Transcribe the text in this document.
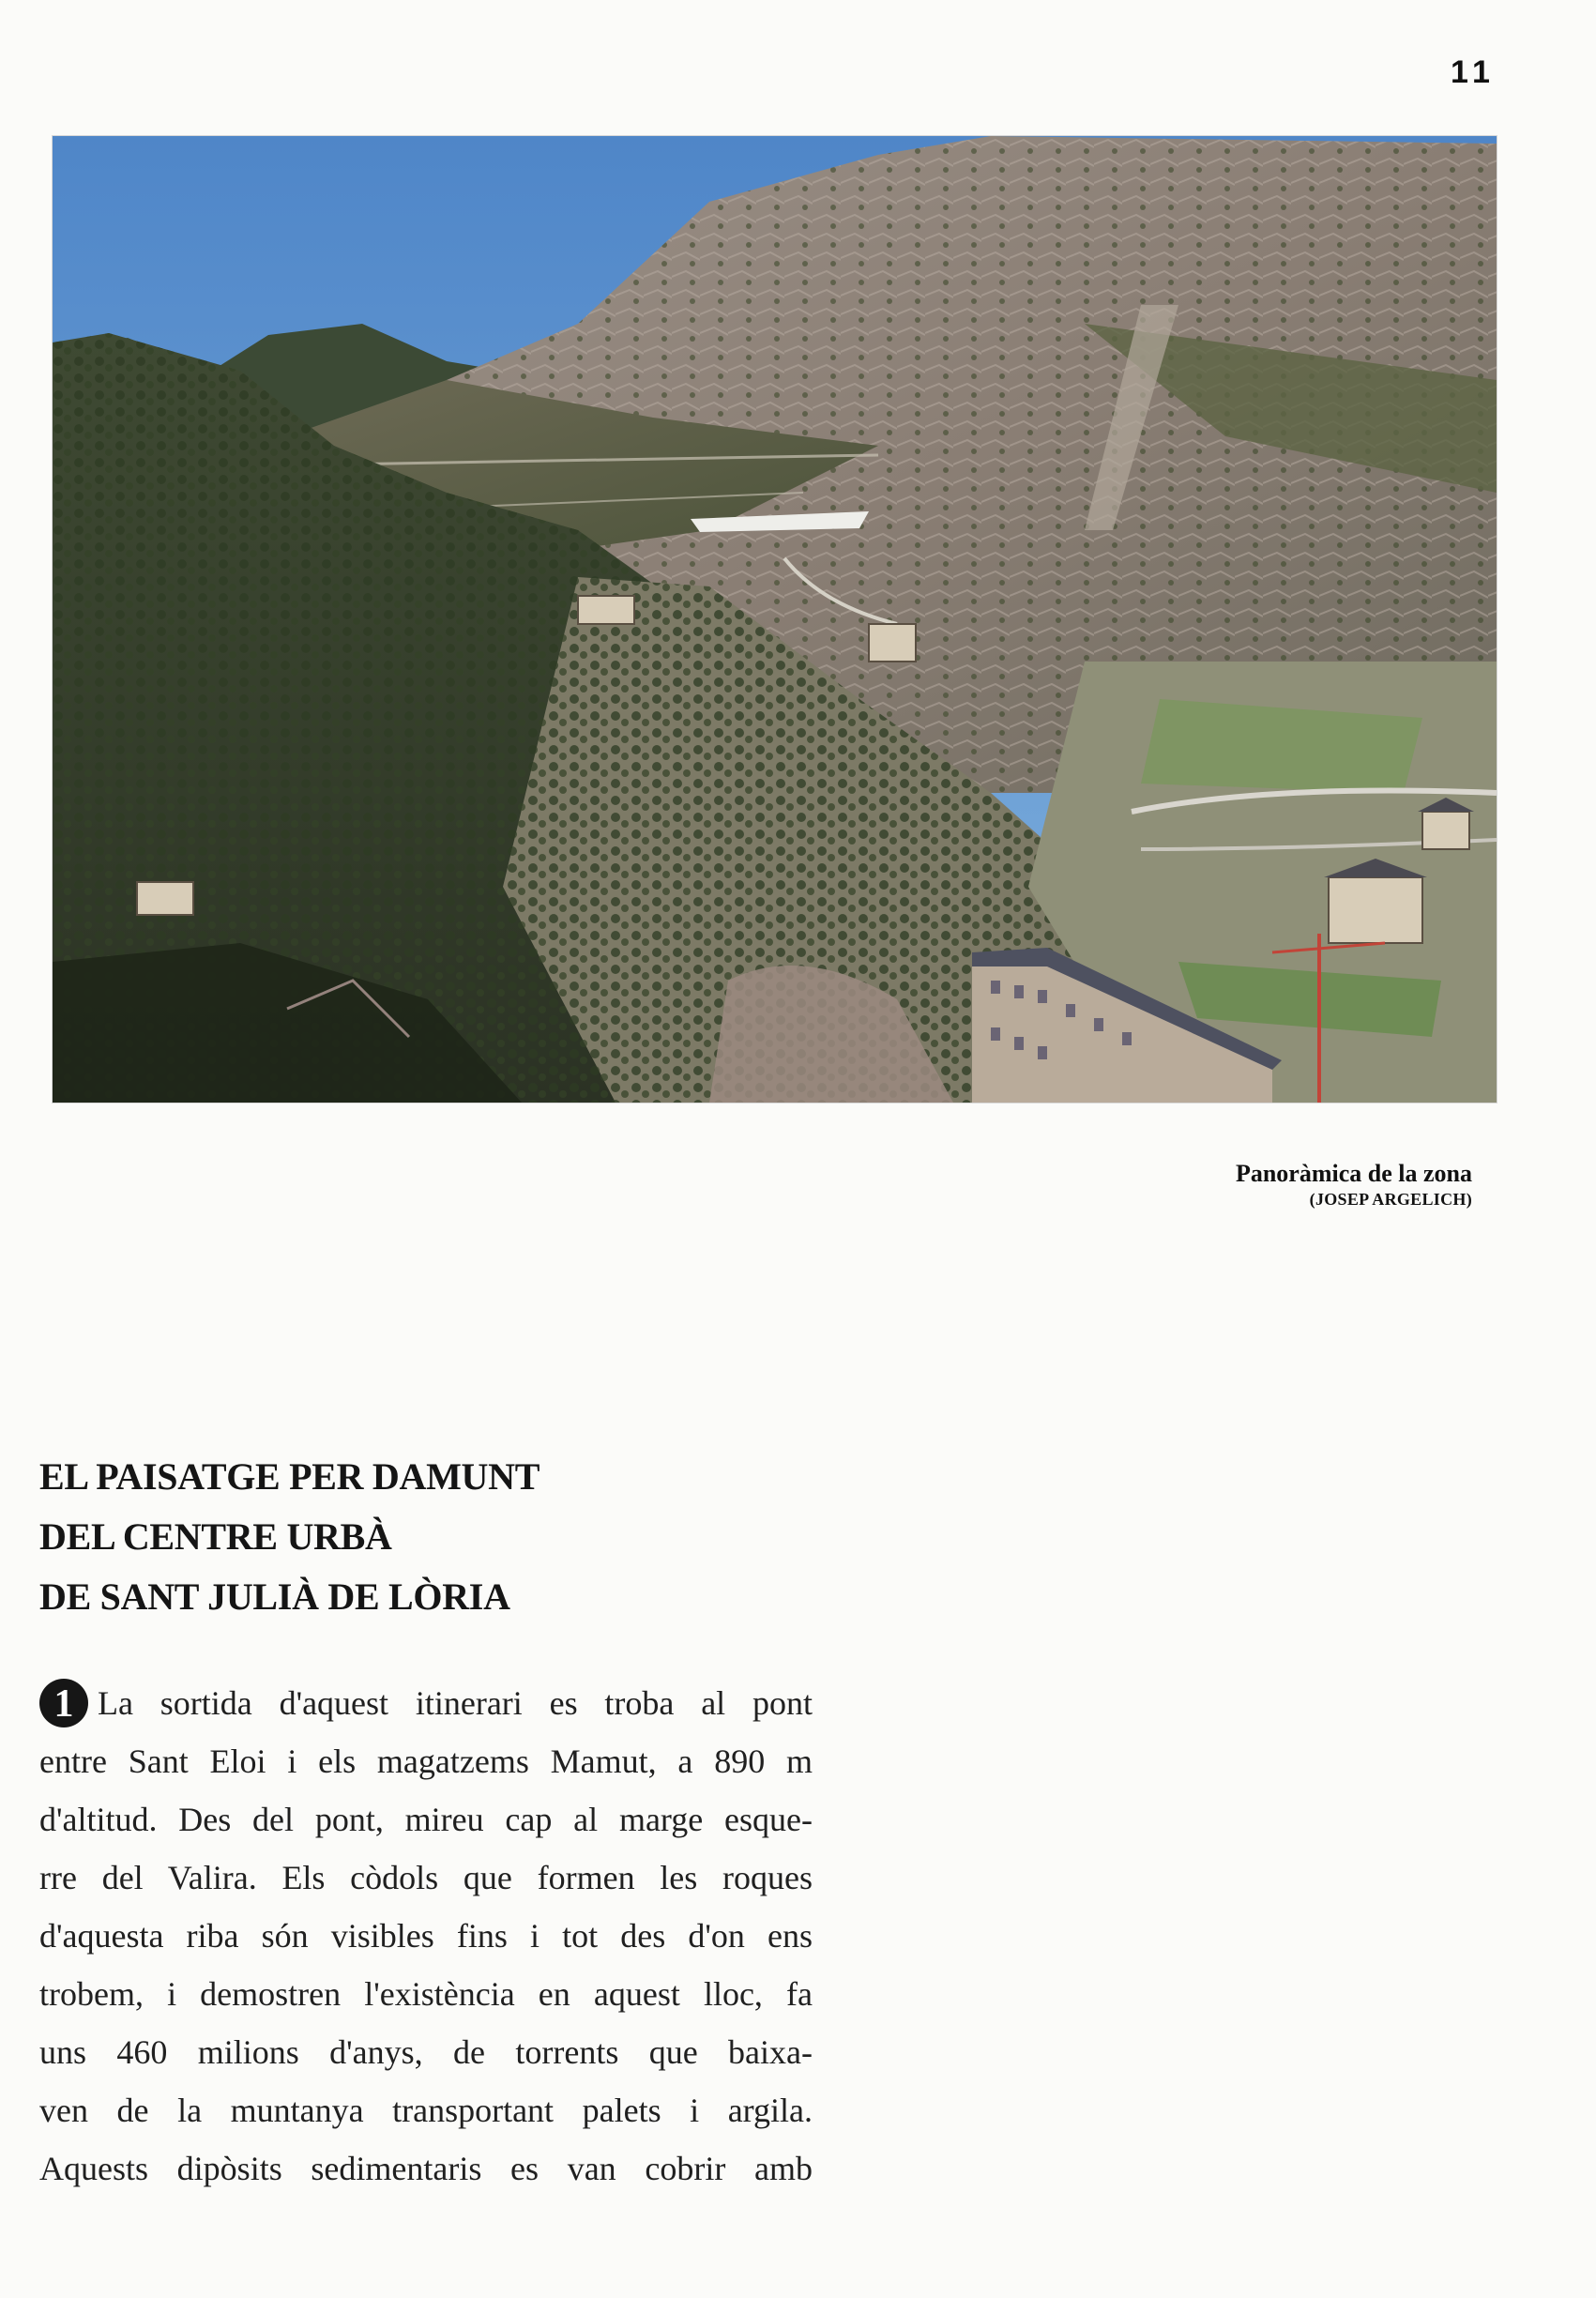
11
Panoràmica de la zona
(JOSEP ARGELICH)
EL PAISATGE PER DAMUNT
DEL CENTRE URBÀ
DE SANT JULIÀ DE LÒRIA
1 La sortida d'aquest itinerari es troba al pont
entre Sant Eloi i els magatzems Mamut, a 890 m
d'altitud. Des del pont, mireu cap al marge esque-
rre del Valira. Els còdols que formen les roques
d'aquesta riba són visibles fins i tot des d'on ens
trobem, i demostren l'existència en aquest lloc, fa
uns 460 milions d'anys, de torrents que baixa-
ven de la muntanya transportant palets i argila.
Aquests dipòsits sedimentaris es van cobrir amb
